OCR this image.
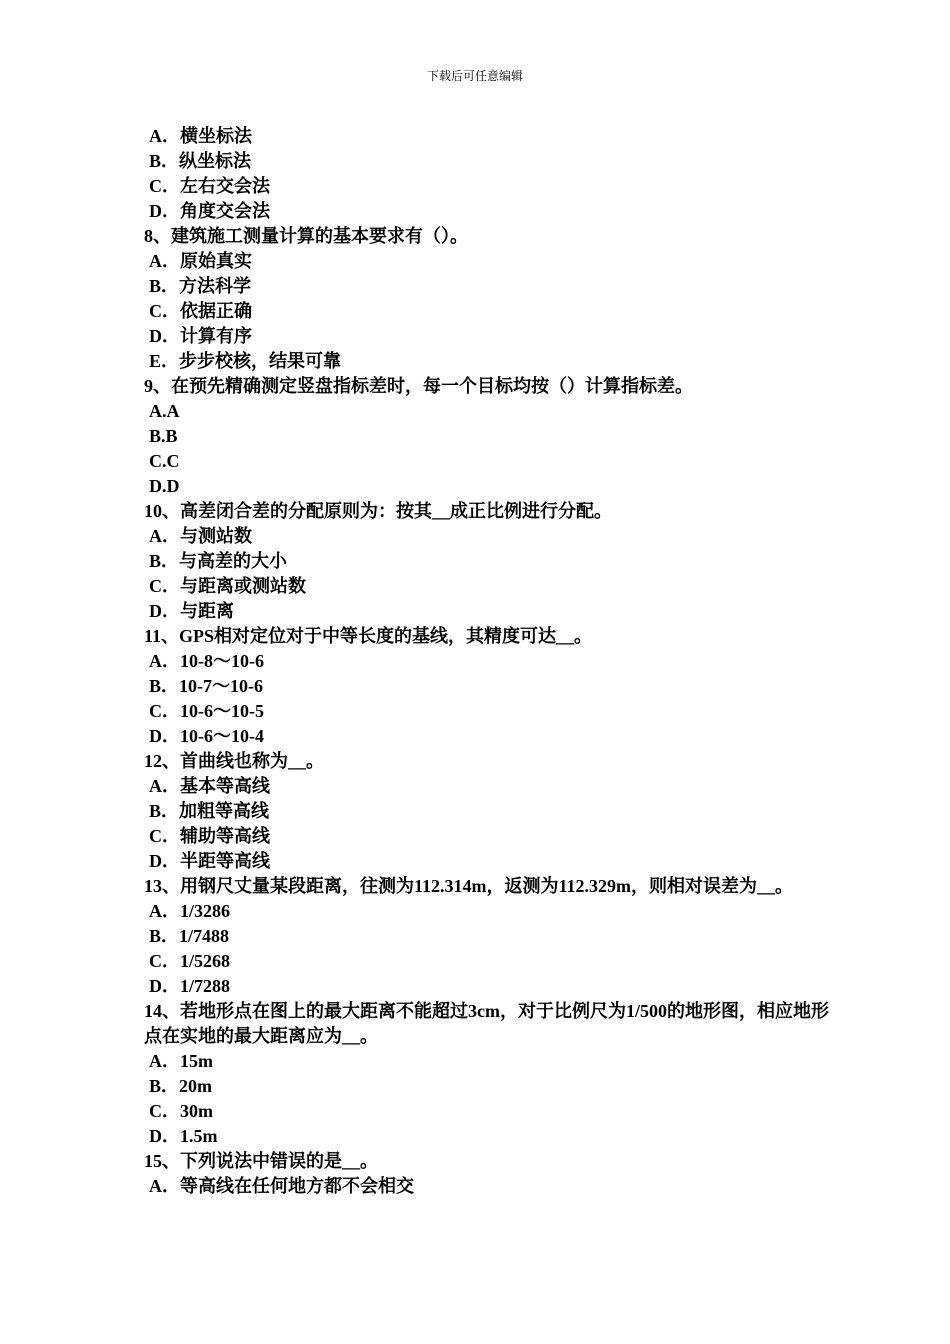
下载后可任意编辑
A．横坐标法
B．纵坐标法
C．左右交会法
D．角度交会法
8、建筑施工测量计算的基本要求有（）。
A．原始真实
B．方法科学
C．依据正确
D．计算有序
E．步步校核，结果可靠
9、在预先精确测定竖盘指标差时，每一个目标均按（）计算指标差。
A.A
B.B
C.C
D.D
10、高差闭合差的分配原则为：按其__成正比例进行分配。
A．与测站数
B．与高差的大小
C．与距离或测站数
D．与距离
11、GPS相对定位对于中等长度的基线，其精度可达__。
A．10-8～10-6
B．10-7～10-6
C．10-6～10-5
D．10-6～10-4
12、首曲线也称为__。
A．基本等高线
B．加粗等高线
C．辅助等高线
D．半距等高线
13、用钢尺丈量某段距离，往测为112.314m，返测为112.329m，则相对误差为__。
A．1/3286
B．1/7488
C．1/5268
D．1/7288
14、若地形点在图上的最大距离不能超过3cm，对于比例尺为1/500的地形图，相应地形点在实地的最大距离应为__。
A．15m
B．20m
C．30m
D．1.5m
15、下列说法中错误的是__。
A．等高线在任何地方都不会相交
